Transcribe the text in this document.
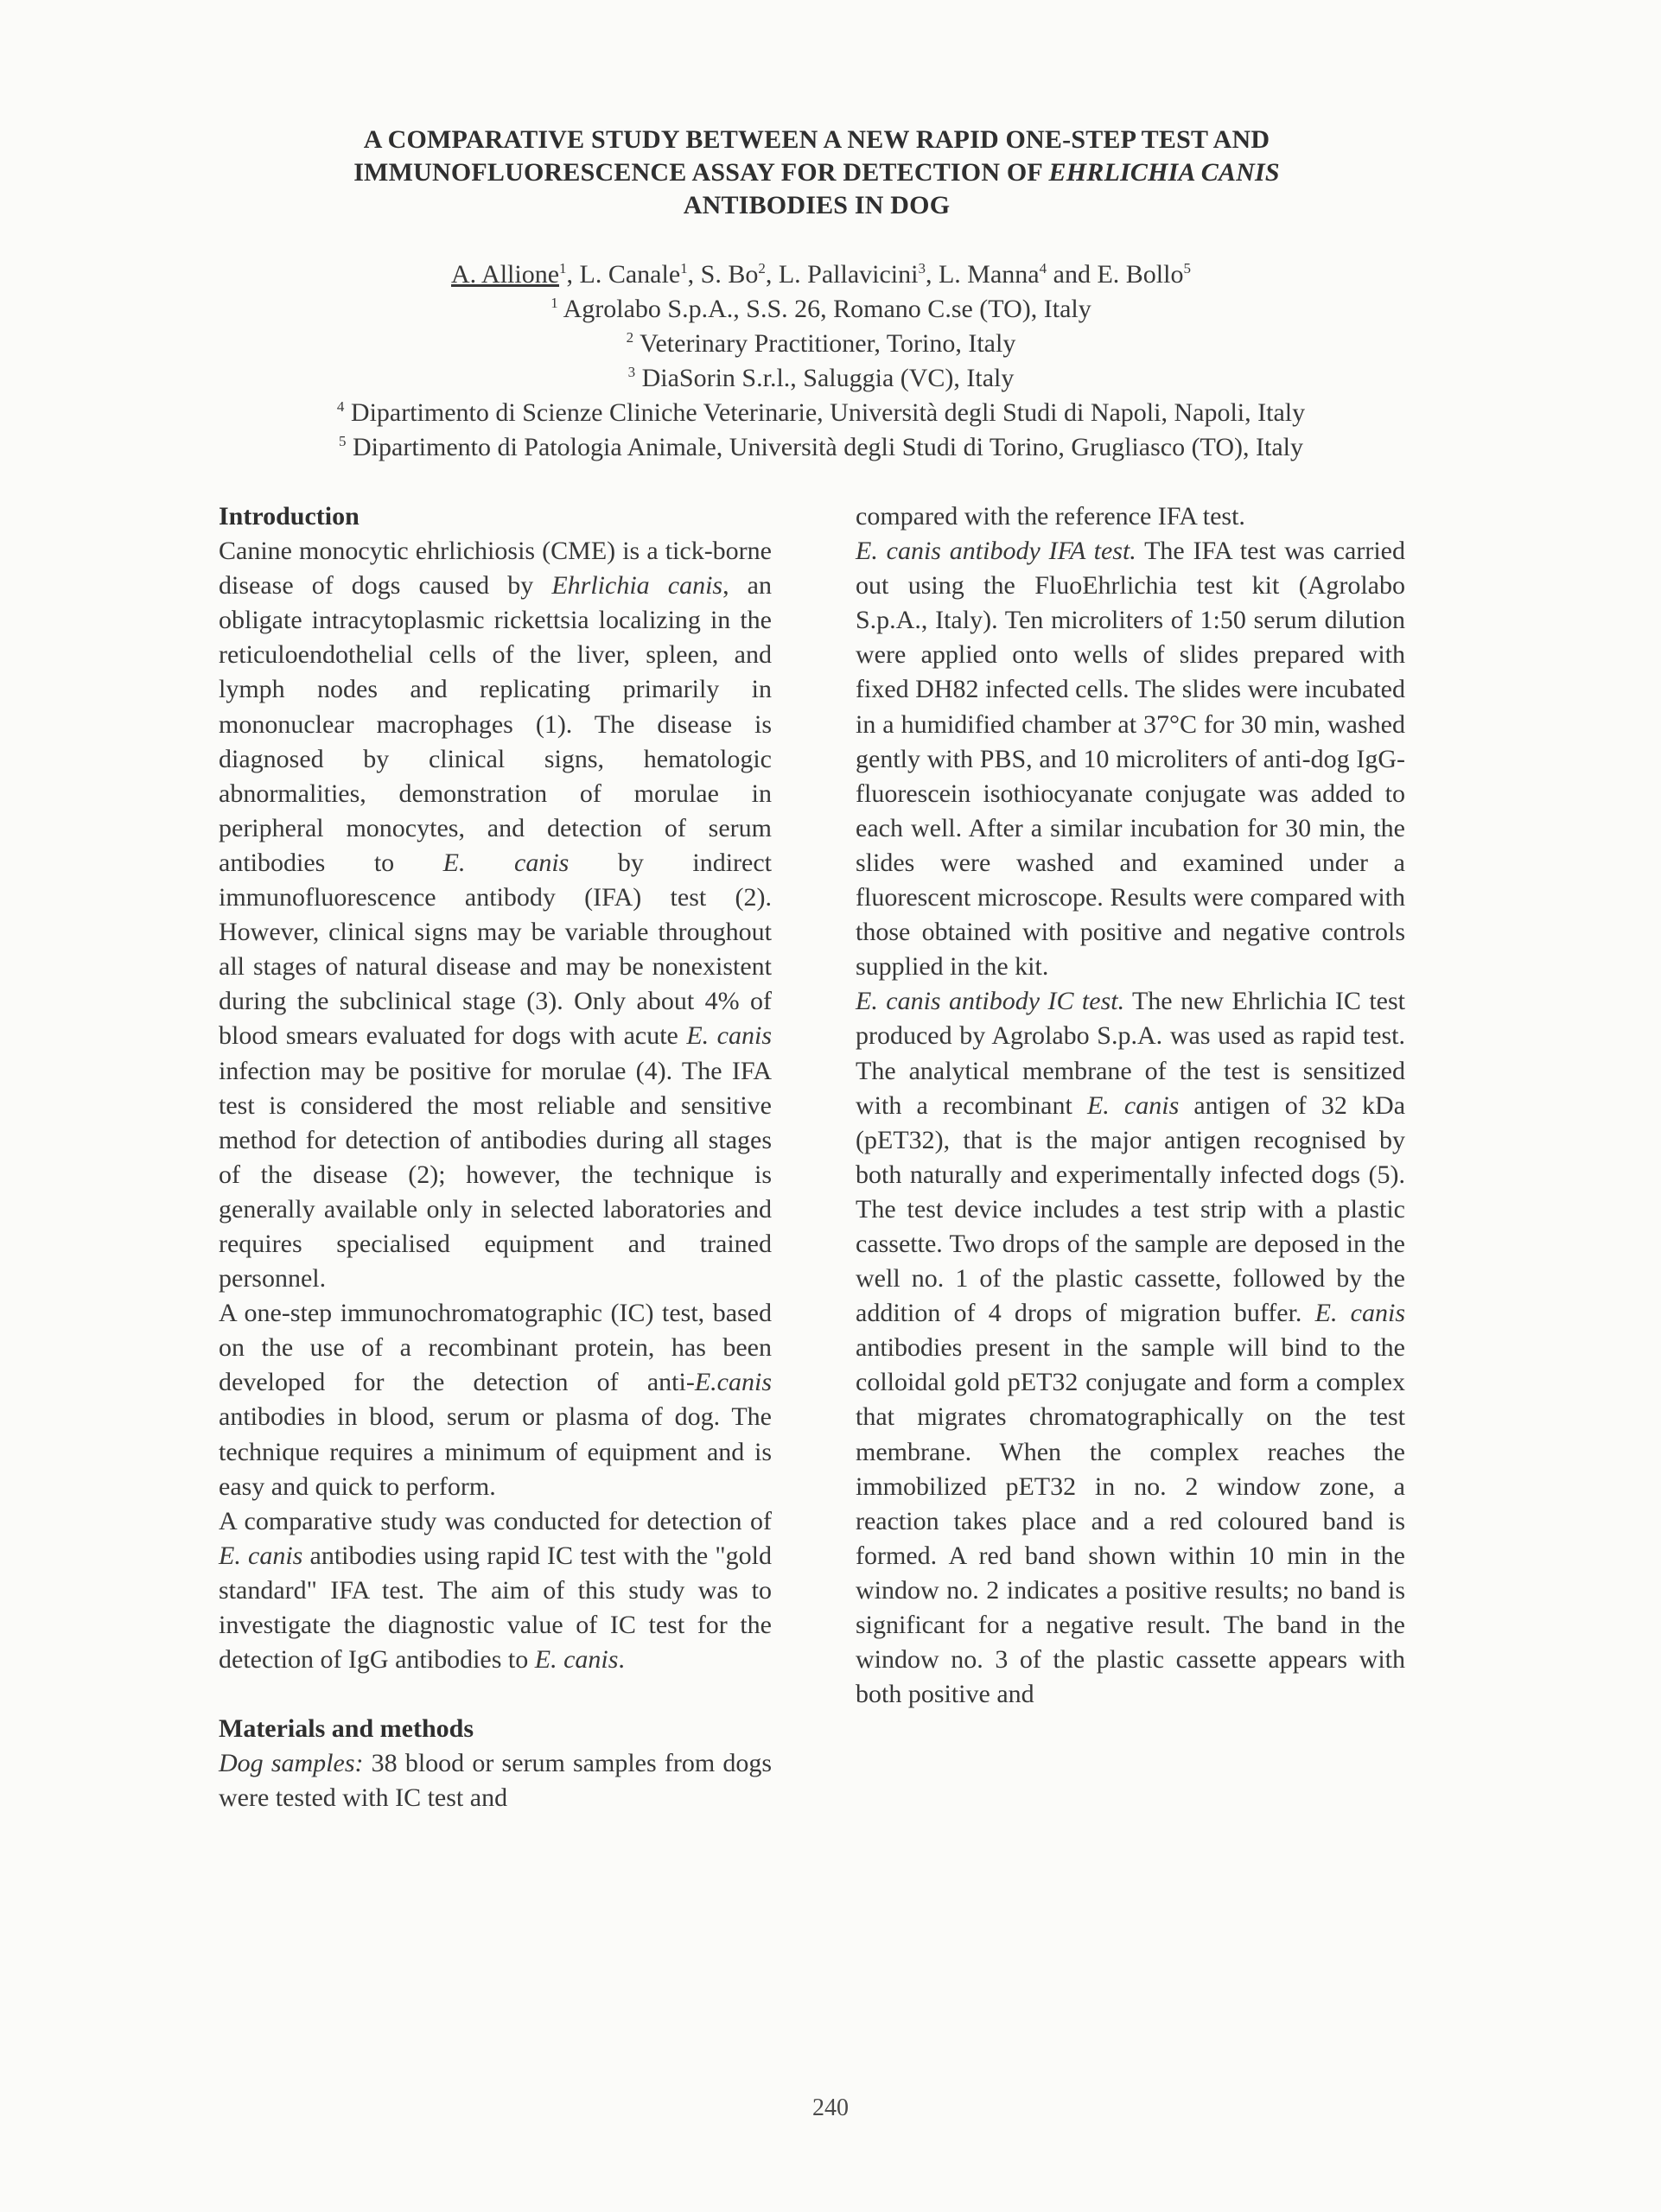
A COMPARATIVE STUDY BETWEEN A NEW RAPID ONE-STEP TEST AND
IMMUNOFLUORESCENCE ASSAY FOR DETECTION OF EHRLICHIA CANIS
ANTIBODIES IN DOG
A. Allione$^1$, L. Canale$^1$, S. Bo$^2$, L. Pallavicini$^3$, L. Manna$^4$ and E. Bollo$^5$
$^1$ Agrolabo S.p.A., S.S. 26, Romano C.se (TO), Italy
$^2$ Veterinary Practitioner, Torino, Italy
$^3$ DiaSorin S.r.l., Saluggia (VC), Italy
$^4$ Dipartimento di Scienze Cliniche Veterinarie, Università degli Studi di Napoli, Napoli, Italy
$^5$ Dipartimento di Patologia Animale, Università degli Studi di Torino, Grugliasco (TO), Italy

Introduction

Canine monocytic ehrlichiosis (CME) is a tick-borne disease of dogs caused by Ehrlichia canis, an obligate intracytoplasmic rickettsia localizing in the reticuloendothelial cells of the liver, spleen, and lymph nodes and replicating primarily in mononuclear macrophages (1). The disease is diagnosed by clinical signs, hematologic abnormalities, demonstration of morulae in peripheral monocytes, and detection of serum antibodies to E. canis by indirect immunofluorescence antibody (IFA) test (2). However, clinical signs may be variable throughout all stages of natural disease and may be nonexistent during the subclinical stage (3). Only about 4% of blood smears evaluated for dogs with acute E. canis infection may be positive for morulae (4). The IFA test is considered the most reliable and sensitive method for detection of antibodies during all stages of the disease (2); however, the technique is generally available only in selected laboratories and requires specialised equipment and trained personnel.

A one-step immunochromatographic (IC) test, based on the use of a recombinant protein, has been developed for the detection of anti-E.canis antibodies in blood, serum or plasma of dog. The technique requires a minimum of equipment and is easy and quick to perform.

A comparative study was conducted for detection of E. canis antibodies using rapid IC test with the "gold standard" IFA test. The aim of this study was to investigate the diagnostic value of IC test for the detection of IgG antibodies to E. canis.

Materials and methods

Dog samples: 38 blood or serum samples from dogs were tested with IC test and

compared with the reference IFA test.

E. canis antibody IFA test. The IFA test was carried out using the FluoEhrlichia test kit (Agrolabo S.p.A., Italy). Ten microliters of 1:50 serum dilution were applied onto wells of slides prepared with fixed DH82 infected cells. The slides were incubated in a humidified chamber at 37°C for 30 min, washed gently with PBS, and 10 microliters of anti-dog IgG-fluorescein isothiocyanate conjugate was added to each well. After a similar incubation for 30 min, the slides were washed and examined under a fluorescent microscope. Results were compared with those obtained with positive and negative controls supplied in the kit.

E. canis antibody IC test. The new Ehrlichia IC test produced by Agrolabo S.p.A. was used as rapid test. The analytical membrane of the test is sensitized with a recombinant E. canis antigen of 32 kDa (pET32), that is the major antigen recognised by both naturally and experimentally infected dogs (5). The test device includes a test strip with a plastic cassette. Two drops of the sample are deposed in the well no. 1 of the plastic cassette, followed by the addition of 4 drops of migration buffer. E. canis antibodies present in the sample will bind to the colloidal gold pET32 conjugate and form a complex that migrates chromatographically on the test membrane. When the complex reaches the immobilized pET32 in no. 2 window zone, a reaction takes place and a red coloured band is formed. A red band shown within 10 min in the window no. 2 indicates a positive results; no band is significant for a negative result. The band in the window no. 3 of the plastic cassette appears with both positive and

240
